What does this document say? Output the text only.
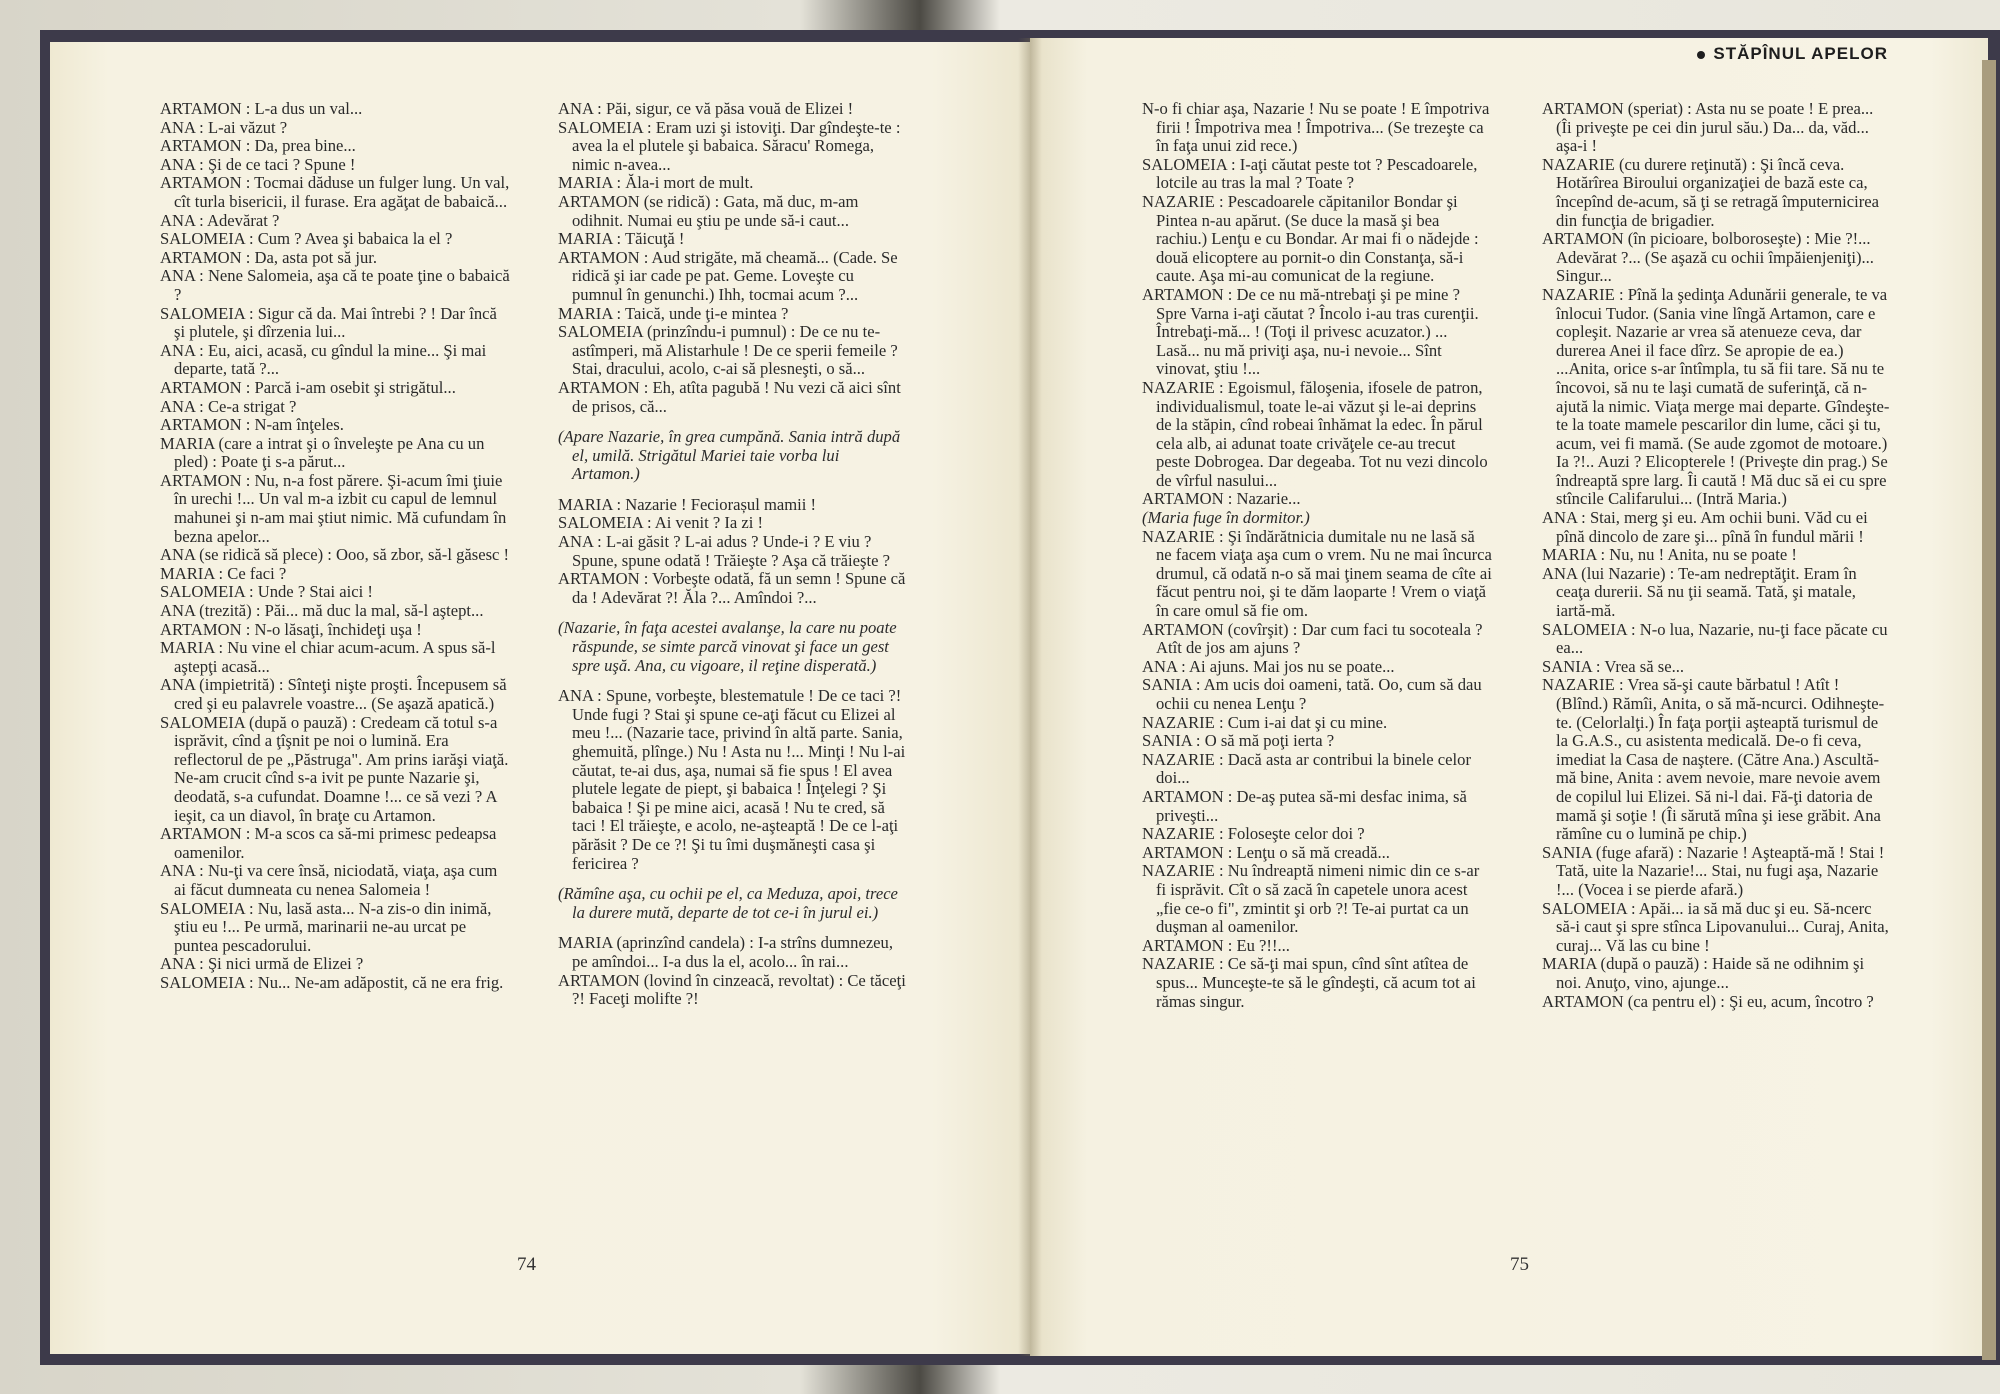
STĂPÎNUL APELOR

ARTAMON : L-a dus un val...

ANA : L-ai văzut ?

ARTAMON : Da, prea bine...

ANA : Şi de ce taci ? Spune !

ARTAMON : Tocmai dăduse un fulger lung. Un val, cît turla bisericii, il furase. Era agăţat de babaică...

ANA : Adevărat ?

SALOMEIA : Cum ? Avea şi babaica la el ?

ARTAMON : Da, asta pot să jur.

ANA : Nene Salomeia, aşa că te poate ţine o babaică ?

SALOMEIA : Sigur că da. Mai întrebi ? ! Dar încă şi plutele, şi dîrzenia lui...

ANA : Eu, aici, acasă, cu gîndul la mine... Şi mai departe, tată ?...

ARTAMON : Parcă i-am osebit şi strigătul...

ANA : Ce-a strigat ?

ARTAMON : N-am înţeles.

MARIA (care a intrat şi o înveleşte pe Ana cu un pled) : Poate ţi s-a părut...

ARTAMON : Nu, n-a fost părere. Şi-acum îmi ţiuie în urechi !... Un val m-a izbit cu capul de lemnul mahunei şi n-am mai ştiut nimic. Mă cufundam în bezna apelor...

ANA (se ridică să plece) : Ooo, să zbor, să-l găsesc !

MARIA : Ce faci ?

SALOMEIA : Unde ? Stai aici !

ANA (trezită) : Păi... mă duc la mal, să-l aştept...

ARTAMON : N-o lăsaţi, închideţi uşa !

MARIA : Nu vine el chiar acum-acum. A spus să-l aştepţi acasă...

ANA (impietrită) : Sînteţi nişte proşti. Începusem să cred şi eu palavrele voastre... (Se aşază apatică.)

SALOMEIA (după o pauză) : Credeam că totul s-a isprăvit, cînd a ţîşnit pe noi o lumină. Era reflectorul de pe „Păstruga". Am prins iarăşi viaţă. Ne-am crucit cînd s-a ivit pe punte Nazarie şi, deodată, s-a cufundat. Doamne !... ce să vezi ? A ieşit, ca un diavol, în braţe cu Artamon.

ARTAMON : M-a scos ca să-mi primesc pedeapsa oamenilor.

ANA : Nu-ţi va cere însă, niciodată, viaţa, aşa cum ai făcut dumneata cu nenea Salomeia !

SALOMEIA : Nu, lasă asta... N-a zis-o din inimă, ştiu eu !... Pe urmă, marinarii ne-au urcat pe puntea pescadorului.

ANA : Şi nici urmă de Elizei ?

SALOMEIA : Nu... Ne-am adăpostit, că ne era frig.

ANA : Păi, sigur, ce vă păsa vouă de Elizei !

SALOMEIA : Eram uzi şi istoviţi. Dar gîndeşte-te : avea la el plutele şi babaica. Săracu' Romega, nimic n-avea...

MARIA : Ăla-i mort de mult.

ARTAMON (se ridică) : Gata, mă duc, m-am odihnit. Numai eu ştiu pe unde să-i caut...

MARIA : Tăicuţă !

ARTAMON : Aud strigăte, mă cheamă... (Cade. Se ridică şi iar cade pe pat. Geme. Loveşte cu pumnul în genunchi.) Ihh, tocmai acum ?...

MARIA : Taică, unde ţi-e mintea ?

SALOMEIA (prinzîndu-i pumnul) : De ce nu te-astîmperi, mă Alistarhule ! De ce sperii femeile ? Stai, dracului, acolo, c-ai să plesneşti, o să...

ARTAMON : Eh, atîta pagubă ! Nu vezi că aici sînt de prisos, că...

(Apare Nazarie, în grea cumpănă. Sania intră după el, umilă. Strigătul Mariei taie vorba lui Artamon.)

MARIA : Nazarie ! Feciorașul mamii !

SALOMEIA : Ai venit ? Ia zi !

ANA : L-ai găsit ? L-ai adus ? Unde-i ? E viu ? Spune, spune odată ! Trăieşte ? Aşa că trăieşte ?

ARTAMON : Vorbeşte odată, fă un semn ! Spune că da ! Adevărat ?! Ăla ?... Amîndoi ?...

(Nazarie, în faţa acestei avalanşe, la care nu poate răspunde, se simte parcă vinovat şi face un gest spre uşă. Ana, cu vigoare, il reţine disperată.)

ANA : Spune, vorbeşte, blestematule ! De ce taci ?! Unde fugi ? Stai şi spune ce-aţi făcut cu Elizei al meu !... (Nazarie tace, privind în altă parte. Sania, ghemuită, plînge.) Nu ! Asta nu !... Minţi ! Nu l-ai căutat, te-ai dus, aşa, numai să fie spus ! El avea plutele legate de piept, şi babaica ! Înţelegi ? Şi babaica ! Şi pe mine aici, acasă ! Nu te cred, să taci ! El trăieşte, e acolo, ne-aşteaptă ! De ce l-aţi părăsit ? De ce ?! Şi tu îmi duşmăneşti casa şi fericirea ?

(Rămîne aşa, cu ochii pe el, ca Meduza, apoi, trece la durere mută, departe de tot ce-i în jurul ei.)

MARIA (aprinzînd candela) : I-a strîns dumnezeu, pe amîndoi... I-a dus la el, acolo... în rai...

ARTAMON (lovind în cinzeacă, revoltat) : Ce tăceţi ?! Faceţi molifte ?!

N-o fi chiar aşa, Nazarie ! Nu se poate ! E împotriva firii ! Împotriva mea ! Împotriva... (Se trezeşte ca în faţa unui zid rece.)

SALOMEIA : I-aţi căutat peste tot ? Pescadoarele, lotcile au tras la mal ? Toate ?

NAZARIE : Pescadoarele căpitanilor Bondar şi Pintea n-au apărut. (Se duce la masă şi bea rachiu.) Lenţu e cu Bondar. Ar mai fi o nădejde : două elicoptere au pornit-o din Constanţa, să-i caute. Aşa mi-au comunicat de la regiune.

ARTAMON : De ce nu mă-ntrebaţi şi pe mine ? Spre Varna i-aţi căutat ? Încolo i-au tras curenţii. Întrebaţi-mă... ! (Toţi il privesc acuzator.) ... Lasă... nu mă priviţi aşa, nu-i nevoie... Sînt vinovat, ştiu !...

NAZARIE : Egoismul, făloşenia, ifosele de patron, individualismul, toate le-ai văzut şi le-ai deprins de la stăpin, cînd robeai înhămat la edec. În părul cela alb, ai adunat toate crivăţele ce-au trecut peste Dobrogea. Dar degeaba. Tot nu vezi dincolo de vîrful nasului...

ARTAMON : Nazarie...

(Maria fuge în dormitor.)

NAZARIE : Şi îndărătnicia dumitale nu ne lasă să ne facem viaţa aşa cum o vrem. Nu ne mai încurca drumul, că odată n-o să mai ţinem seama de cîte ai făcut pentru noi, şi te dăm laoparte ! Vrem o viaţă în care omul să fie om.

ARTAMON (covîrşit) : Dar cum faci tu socoteala ? Atît de jos am ajuns ?

ANA : Ai ajuns. Mai jos nu se poate...

SANIA : Am ucis doi oameni, tată. Oo, cum să dau ochii cu nenea Lenţu ?

NAZARIE : Cum i-ai dat şi cu mine.

SANIA : O să mă poţi ierta ?

NAZARIE : Dacă asta ar contribui la binele celor doi...

ARTAMON : De-aş putea să-mi desfac inima, să priveşti...

NAZARIE : Foloseşte celor doi ?

ARTAMON : Lenţu o să mă creadă...

NAZARIE : Nu îndreaptă nimeni nimic din ce s-ar fi isprăvit. Cît o să zacă în capetele unora acest „fie ce-o fi", zmintit şi orb ?! Te-ai purtat ca un duşman al oamenilor.

ARTAMON : Eu ?!!...

NAZARIE : Ce să-ţi mai spun, cînd sînt atîtea de spus... Munceşte-te să le gîndeşti, că acum tot ai rămas singur.

ARTAMON (speriat) : Asta nu se poate ! E prea... (Îi priveşte pe cei din jurul său.) Da... da, văd... aşa-i !

NAZARIE (cu durere reţinută) : Şi încă ceva. Hotărîrea Biroului organizaţiei de bază este ca, începînd de-acum, să ţi se retragă împuternicirea din funcţia de brigadier.

ARTAMON (în picioare, bolboroseşte) : Mie ?!... Adevărat ?... (Se aşază cu ochii împăienjeniţi)... Singur...

NAZARIE : Pînă la şedinţa Adunării generale, te va înlocui Tudor. (Sania vine lîngă Artamon, care e copleşit. Nazarie ar vrea să atenueze ceva, dar durerea Anei il face dîrz. Se apropie de ea.) ...Anita, orice s-ar întîmpla, tu să fii tare. Să nu te încovoi, să nu te laşi cumată de suferinţă, că n-ajută la nimic. Viaţa merge mai departe. Gîndeşte-te la toate mamele pescarilor din lume, căci şi tu, acum, vei fi mamă. (Se aude zgomot de motoare.) Ia ?!.. Auzi ? Elicopterele ! (Priveşte din prag.) Se îndreaptă spre larg. Îi caută ! Mă duc să ei cu spre stîncile Califarului... (Intră Maria.)

ANA : Stai, merg şi eu. Am ochii buni. Văd cu ei pînă dincolo de zare şi... pînă în fundul mării !

MARIA : Nu, nu ! Anita, nu se poate !

ANA (lui Nazarie) : Te-am nedreptăţit. Eram în ceaţa durerii. Să nu ţii seamă. Tată, şi matale, iartă-mă.

SALOMEIA : N-o lua, Nazarie, nu-ţi face păcate cu ea...

SANIA : Vrea să se...

NAZARIE : Vrea să-şi caute bărbatul ! Atît ! (Blînd.) Rămîi, Anita, o să mă-ncurci. Odihneşte-te. (Celorlalţi.) În faţa porţii aşteaptă turismul de la G.A.S., cu asistenta medicală. De-o fi ceva, imediat la Casa de naştere. (Către Ana.) Ascultă-mă bine, Anita : avem nevoie, mare nevoie avem de copilul lui Elizei. Să ni-l dai. Fă-ţi datoria de mamă şi soţie ! (Îi sărută mîna şi iese grăbit. Ana rămîne cu o lumină pe chip.)

SANIA (fuge afară) : Nazarie ! Aşteaptă-mă ! Stai ! Tată, uite la Nazarie!... Stai, nu fugi aşa, Nazarie !... (Vocea i se pierde afară.)

SALOMEIA : Apăi... ia să mă duc şi eu. Să-ncerc să-i caut şi spre stînca Lipovanului... Curaj, Anita, curaj... Vă las cu bine !

MARIA (după o pauză) : Haide să ne odihnim şi noi. Anuţo, vino, ajunge...

ARTAMON (ca pentru el) : Şi eu, acum, încotro ?

74	75
